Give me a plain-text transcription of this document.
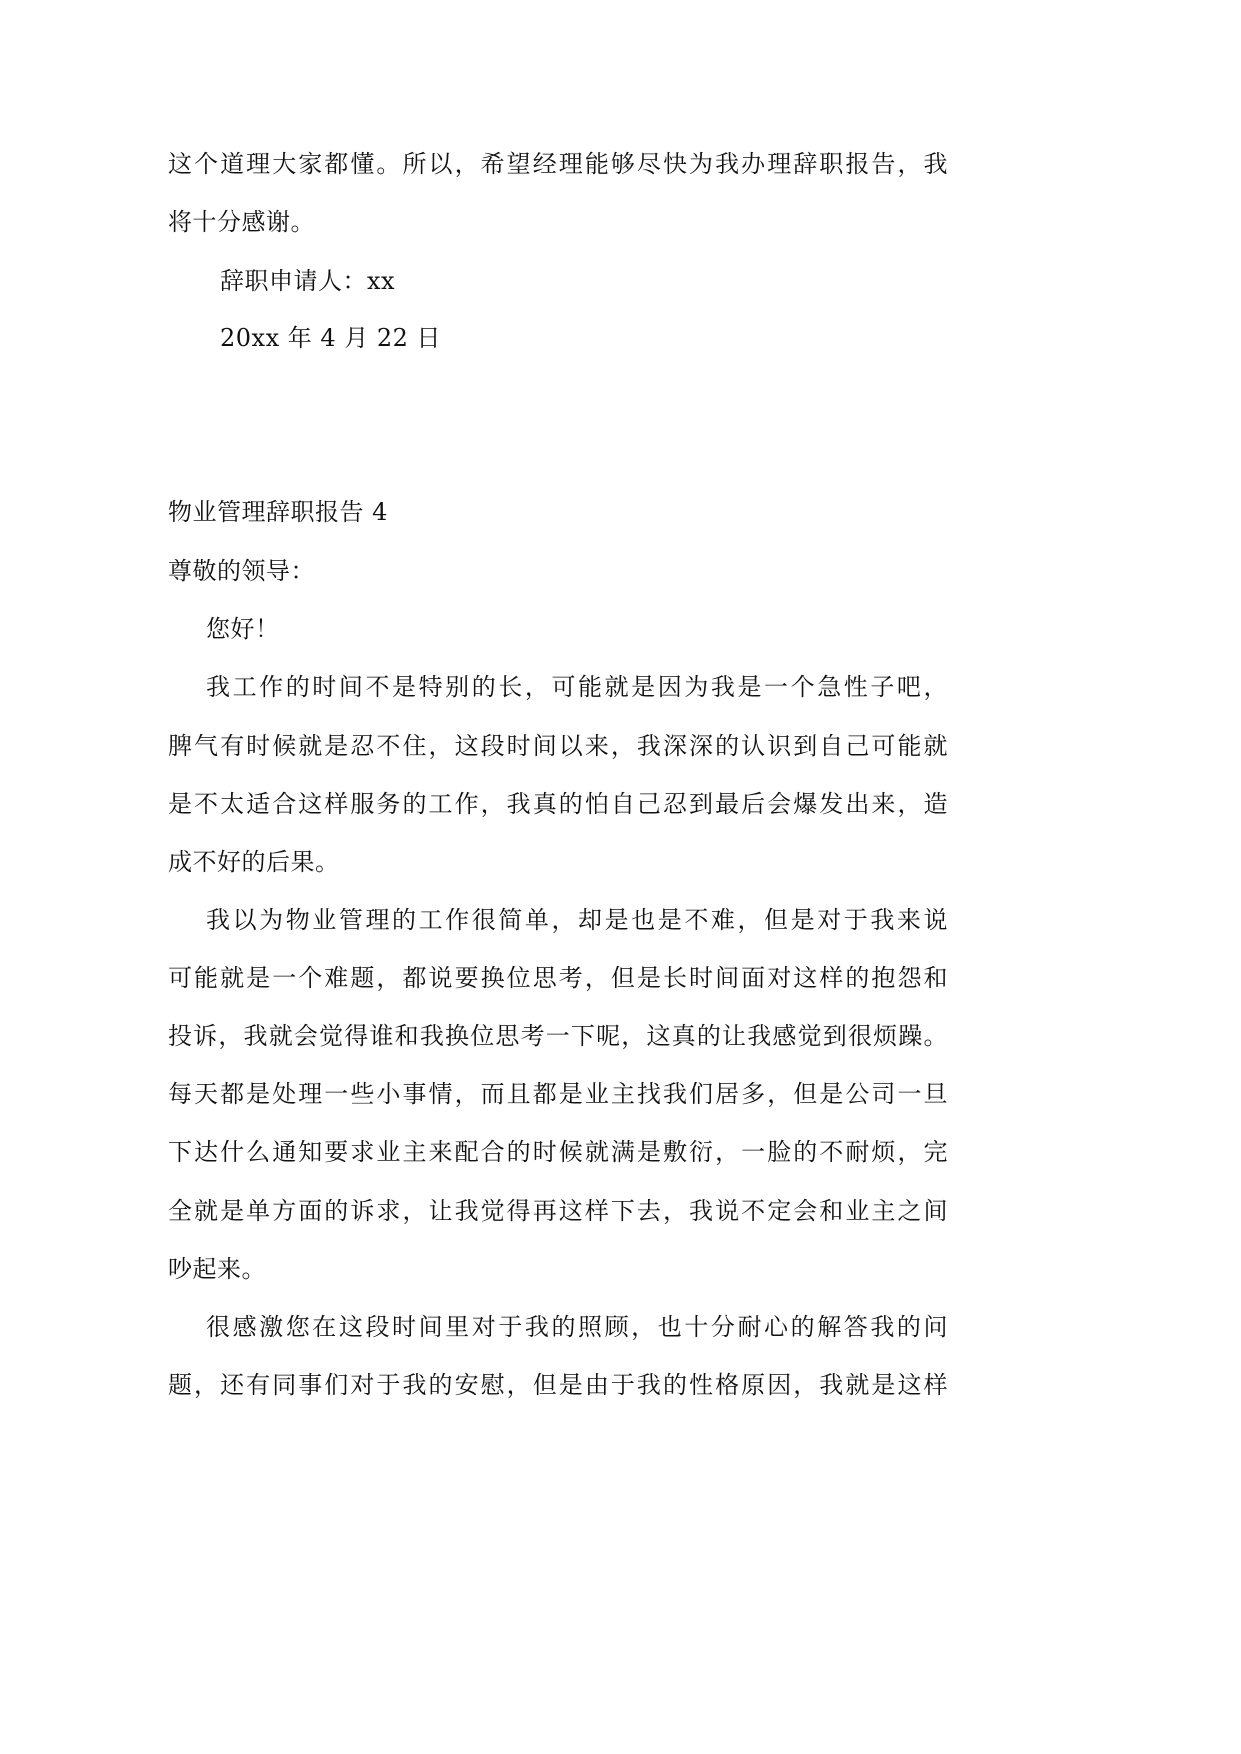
这个道理大家都懂。所以，希望经理能够尽快为我办理辞职报告，我
将十分感谢。
辞职申请人：xx
20xx 年 4 月 22 日
物业管理辞职报告 4
尊敬的领导：
您好！
我工作的时间不是特别的长，可能就是因为我是一个急性子吧，
脾气有时候就是忍不住，这段时间以来，我深深的认识到自己可能就
是不太适合这样服务的工作，我真的怕自己忍到最后会爆发出来，造
成不好的后果。
我以为物业管理的工作很简单，却是也是不难，但是对于我来说
可能就是一个难题，都说要换位思考，但是长时间面对这样的抱怨和
投诉，我就会觉得谁和我换位思考一下呢，这真的让我感觉到很烦躁。
每天都是处理一些小事情，而且都是业主找我们居多，但是公司一旦
下达什么通知要求业主来配合的时候就满是敷衍，一脸的不耐烦，完
全就是单方面的诉求，让我觉得再这样下去，我说不定会和业主之间
吵起来。
很感激您在这段时间里对于我的照顾，也十分耐心的解答我的问
题，还有同事们对于我的安慰，但是由于我的性格原因，我就是这样
